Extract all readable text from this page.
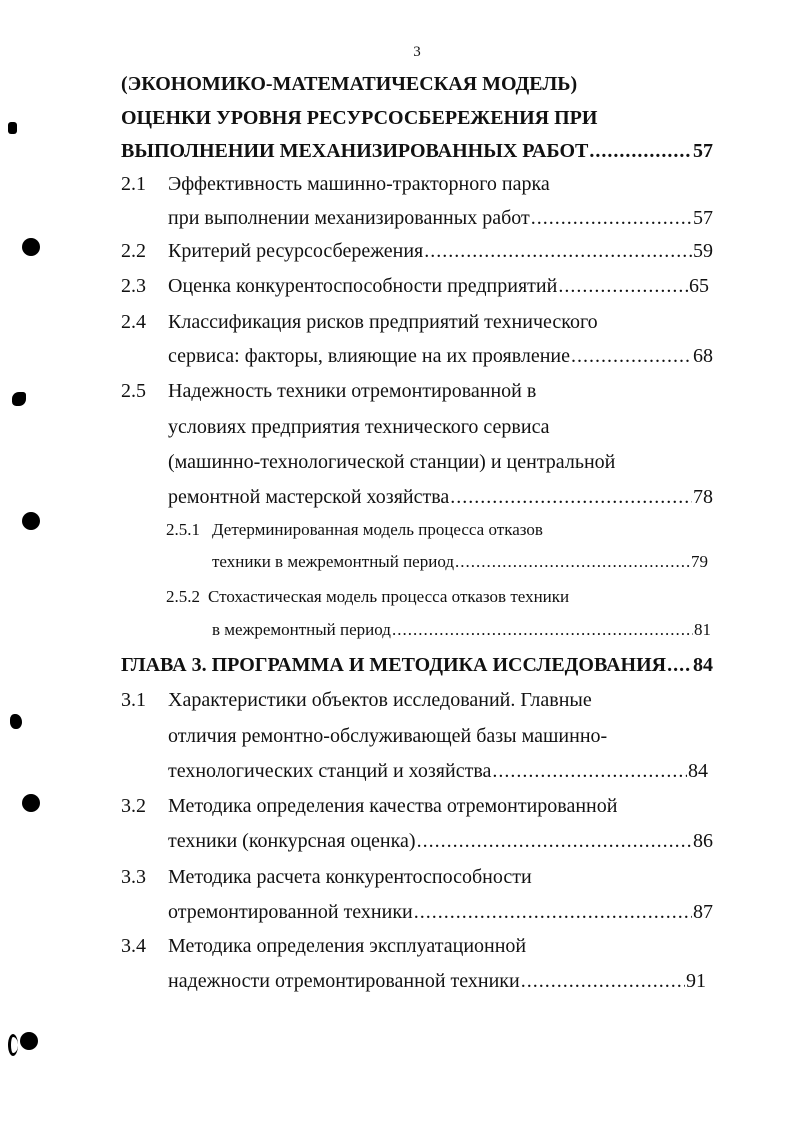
3
(ЭКОНОМИКО-МАТЕМАТИЧЕСКАЯ МОДЕЛЬ)
ОЦЕНКИ УРОВНЯ РЕСУРСОСБЕРЕЖЕНИЯ ПРИ
ВЫПОЛНЕНИИ МЕХАНИЗИРОВАННЫХ РАБОТ .....	57
2.1 Эффективность машинно-тракторного парка
при выполнении механизированных работ .....	57
2.2 Критерий ресурсосбережения .....	59
2.3 Оценка конкурентоспособности предприятий .....	65
2.4 Классификация рисков предприятий технического
сервиса: факторы, влияющие на их проявление .....	68
2.5 Надежность техники отремонтированной в
условиях предприятия технического сервиса
(машинно-технологической станции) и центральной
ремонтной мастерской хозяйства .....	78
2.5.1 Детерминированная модель процесса отказов
техники в межремонтный период .....	79
2.5.2 Стохастическая модель процесса отказов техники
в межремонтный период .....	81
ГЛАВА 3. ПРОГРАММА И МЕТОДИКА ИССЛЕДОВАНИЯ ..... 84
3.1 Характеристики объектов исследований. Главные
отличия ремонтно-обслуживающей базы машинно-
технологических станций и хозяйства .....	84
3.2 Методика определения качества отремонтированной
техники (конкурсная оценка) .....	86
3.3 Методика расчета конкурентоспособности
отремонтированной техники .....	87
3.4 Методика определения эксплуатационной
надежности отремонтированной техники .....	91
